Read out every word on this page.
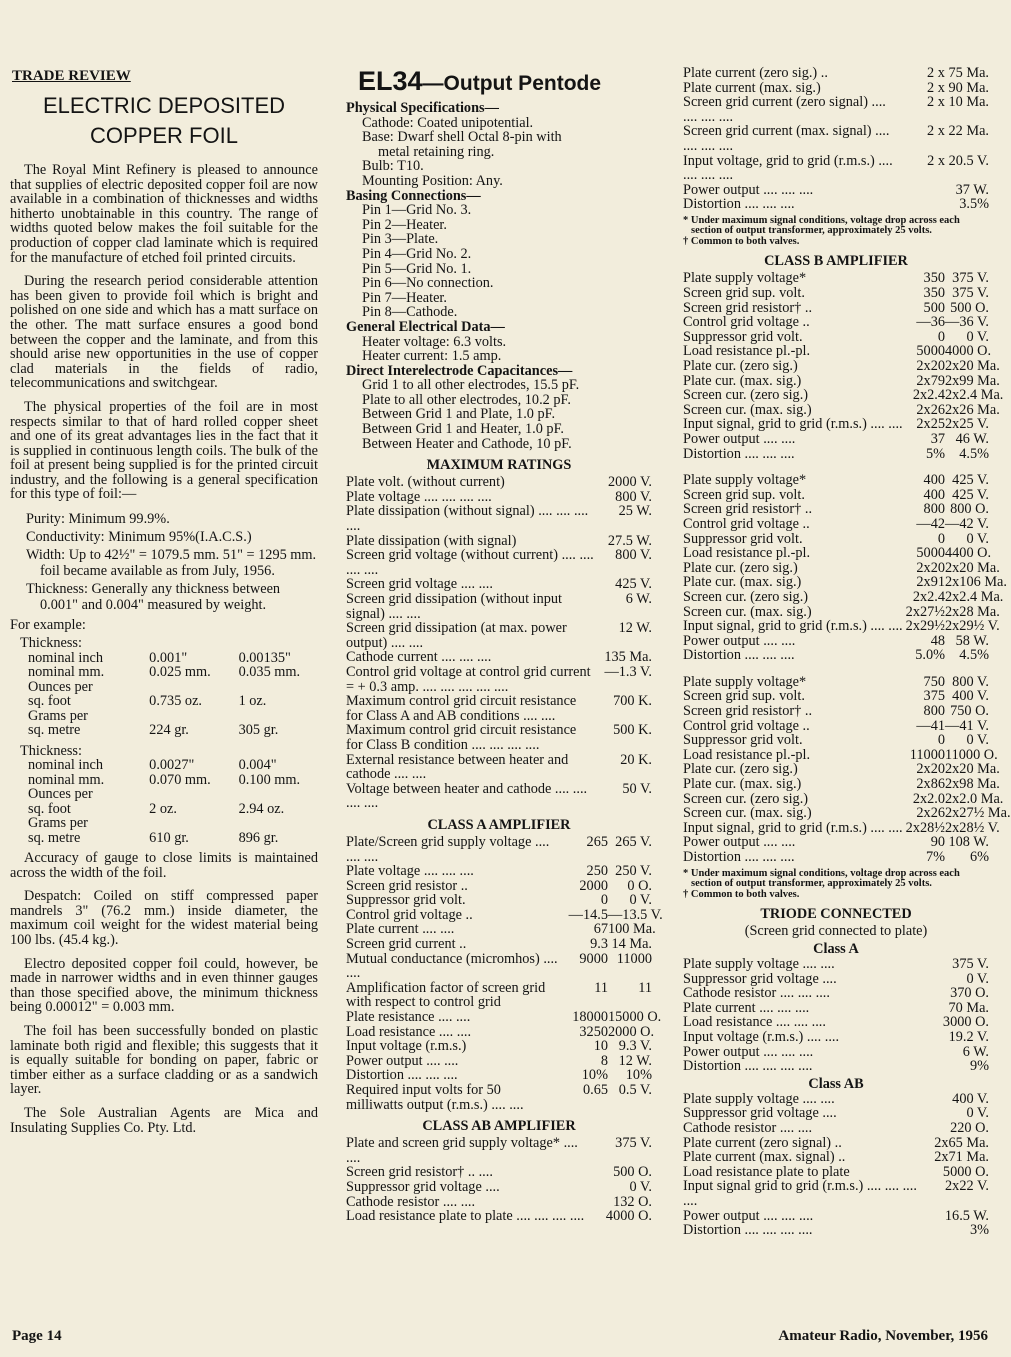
TRADE REVIEW
ELECTRIC DEPOSITED
COPPER FOIL

The Royal Mint Refinery is pleased to announce that supplies of electric deposited copper foil are now available in a combination of thicknesses and widths hitherto unobtainable in this country. The range of widths quoted below makes the foil suitable for the production of copper clad laminate which is required for the manufacture of etched foil printed circuits.

During the research period considerable attention has been given to provide foil which is bright and polished on one side and which has a matt surface on the other. The matt surface ensures a good bond between the copper and the laminate, and from this should arise new opportunities in the use of copper clad materials in the fields of radio, telecommunications and switchgear.

The physical properties of the foil are in most respects similar to that of hard rolled copper sheet and one of its great advantages lies in the fact that it is supplied in continuous length coils. The bulk of the foil at present being supplied is for the printed circuit industry, and the following is a general specification for this type of foil:—

Purity: Minimum 99.9%.
Conductivity: Minimum 95%(I.A.C.S.)
Width: Up to 42½" = 1079.5 mm. 51" = 1295 mm. foil became available as from July, 1956.
Thickness: Generally any thickness between 0.001" and 0.004" measured by weight.
For example:
Thickness:
nominal inch	0.001"	0.00135"
nominal mm.	0.025 mm.	0.035 mm.
Ounces per
sq. foot	0.735 oz.	1 oz.
Grams per
sq. metre	224 gr.	305 gr.
Thickness:
nominal inch	0.0027"	0.004"
nominal mm.	0.070 mm.	0.100 mm.
Ounces per
sq. foot	2 oz.	2.94 oz.
Grams per
sq. metre	610 gr.	896 gr.

Accuracy of gauge to close limits is maintained across the width of the foil.

Despatch: Coiled on stiff compressed paper mandrels 3" (76.2 mm.) inside diameter, the maximum coil weight for the widest material being 100 lbs. (45.4 kg.).

Electro deposited copper foil could, however, be made in narrower widths and in even thinner gauges than those specified above, the minimum thickness being 0.00012" = 0.003 mm.

The foil has been successfully bonded on plastic laminate both rigid and flexible; this suggests that it is equally suitable for bonding on paper, fabric or timber either as a surface cladding or as a sandwich layer.

The Sole Australian Agents are Mica and Insulating Supplies Co. Pty. Ltd.

EL34—Output Pentode
Physical Specifications—
Cathode: Coated unipotential.
Base: Dwarf shell Octal 8-pin with
metal retaining ring.
Bulb: T10.
Mounting Position: Any.
Basing Connections—
Pin 1—Grid No. 3.
Pin 2—Heater.
Pin 3—Plate.
Pin 4—Grid No. 2.
Pin 5—Grid No. 1.
Pin 6—No connection.
Pin 7—Heater.
Pin 8—Cathode.
General Electrical Data—
Heater voltage: 6.3 volts.
Heater current: 1.5 amp.
Direct Interelectrode Capacitances—
Grid 1 to all other electrodes, 15.5 pF.
Plate to all other electrodes, 10.2 pF.
Between Grid 1 and Plate, 1.0 pF.
Between Grid 1 and Heater, 1.0 pF.
Between Heater and Cathode, 10 pF.
MAXIMUM RATINGS
Plate volt. (without current)	2000 V.
Plate voltage .... .... .... ....	800 V.
Plate dissipation (without signal) .... .... .... ....
25 W.
Plate dissipation (with signal)	27.5 W.
Screen grid voltage (without current) .... .... .... ....
800 V.
Screen grid voltage .... ....	425 V.
Screen grid dissipation (without input signal) .... ....
6 W.
Screen grid dissipation (at max. power output) .... ....
12 W.
Cathode current .... .... ....	135 Ma.
Control grid voltage at control grid current = + 0.3 amp. .... .... .... .... ....
—1.3 V.
Maximum control grid circuit resistance for Class A and AB conditions .... ....
700 K.
Maximum control grid circuit resistance for Class B condition .... .... .... ....
500 K.
External resistance between heater and cathode .... ....
20 K.
Voltage between heater and cathode .... .... .... ....
50 V.
CLASS A AMPLIFIER
Plate/Screen grid supply voltage .... .... ....
265 265 V.
Plate voltage .... .... ....	250 250 V.
Screen grid resistor ..	2000	0 O.
Suppressor grid volt.	0	0 V.
Control grid voltage ..	—14.5 —13.5 V.
Plate current .... ....	67 100 Ma.
Screen grid current ..	9.3 14 Ma.
Mutual conductance (micromhos) .... ....
9000 11000
Amplification factor of screen grid with respect to control grid
11	11
Plate resistance .... ....	18000 15000 O.
Load resistance .... ....	3250 2000 O.
Input voltage (r.m.s.)	10 9.3 V.
Power output .... ....	8 12 W.
Distortion .... .... ....	10%	10%
Required input volts for 50 milliwatts output (r.m.s.) .... ....
0.65 0.5 V.
CLASS AB AMPLIFIER
Plate and screen grid supply voltage* .... ....
375 V.
Screen grid resistor† .. ....	500 O.
Suppressor grid voltage ....	0 V.
Cathode resistor .... ....	132 O.
Load resistance plate to plate .... .... .... ....	4000 O.
Plate current (zero sig.) ..	2 x 75 Ma.
Plate current (max. sig.)	2 x 90 Ma.
Screen grid current (zero signal) .... .... .... ....
2 x 10 Ma.
Screen grid current (max. signal) .... .... .... ....
2 x 22 Ma.
Input voltage, grid to grid (r.m.s.) .... .... .... ....
2 x 20.5 V.
Power output .... .... ....	37 W.
Distortion .... .... ....	3.5%
* Under maximum signal conditions, voltage drop across each section of output transformer, approximately 25 volts.
† Common to both valves.
CLASS B AMPLIFIER
Plate supply voltage*	350 375 V.
Screen grid sup. volt.	350 375 V.
Screen grid resistor† ..	500 500 O.
Control grid voltage ..	—36 —36 V.
Suppressor grid volt.	0	0 V.
Load resistance pl.-pl.	5000 4000 O.
Plate cur. (zero sig.)	2x20 2x20 Ma.
Plate cur. (max. sig.)	2x79 2x99 Ma.
Screen cur. (zero sig.)	2x2.4 2x2.4 Ma.
Screen cur. (max. sig.)	2x26 2x26 Ma.
Input signal, grid to grid (r.m.s.) .... .... 2x25 2x25 V.
Power output .... ....	37 46 W.
Distortion .... .... ....	5% 4.5%
Plate supply voltage*	400 425 V.
Screen grid sup. volt.	400 425 V.
Screen grid resistor† ..	800 800 O.
Control grid voltage ..	—42 —42 V.
Suppressor grid volt.	0	0 V.
Load resistance pl.-pl.	5000 4400 O.
Plate cur. (zero sig.)	2x20 2x20 Ma.
Plate cur. (max. sig.)	2x91 2x106 Ma.
Screen cur. (zero sig.)	2x2.4 2x2.4 Ma.
Screen cur. (max. sig.)	2x27½ 2x28 Ma.
Input signal, grid to grid (r.m.s.) .... .... 2x29½ 2x29½ V.
Power output .... ....	48 58 W.
Distortion .... .... ....	5.0% 4.5%
Plate supply voltage*	750 800 V.
Screen grid sup. volt.	375 400 V.
Screen grid resistor† ..	800 750 O.
Control grid voltage ..	—41 —41 V.
Suppressor grid volt.	0	0 V.
Load resistance pl.-pl.	11000 11000 O.
Plate cur. (zero sig.)	2x20 2x20 Ma.
Plate cur. (max. sig.)	2x86 2x98 Ma.
Screen cur. (zero sig.)	2x2.0 2x2.0 Ma.
Screen cur. (max. sig.)	2x26 2x27½ Ma.
Input signal, grid to grid (r.m.s.) .... .... 2x28½ 2x28½ V.
Power output .... ....	90 108 W.
Distortion .... .... ....	7%	6%
* Under maximum signal conditions, voltage drop across each section of output transformer, approximately 25 volts.
† Common to both valves.
TRIODE CONNECTED
(Screen grid connected to plate)
Class A
Plate supply voltage .... ....	375 V.
Suppressor grid voltage ....	0 V.
Cathode resistor .... .... ....	370 O.
Plate current .... .... ....	70 Ma.
Load resistance .... .... ....	3000 O.
Input voltage (r.m.s.) .... ....	19.2 V.
Power output .... .... ....	6 W.
Distortion .... .... .... ....	9%
Class AB
Plate supply voltage .... ....	400 V.
Suppressor grid voltage ....	0 V.
Cathode resistor .... ....	220 O.
Plate current (zero signal) ..	2x65 Ma.
Plate current (max. signal) ..	2x71 Ma.
Load resistance plate to plate	5000 O.
Input signal grid to grid (r.m.s.) .... .... .... ....
2x22 V.
Power output .... .... ....	16.5 W.
Distortion .... .... .... ....	3%
Page 14	Amateur Radio, November, 1956
